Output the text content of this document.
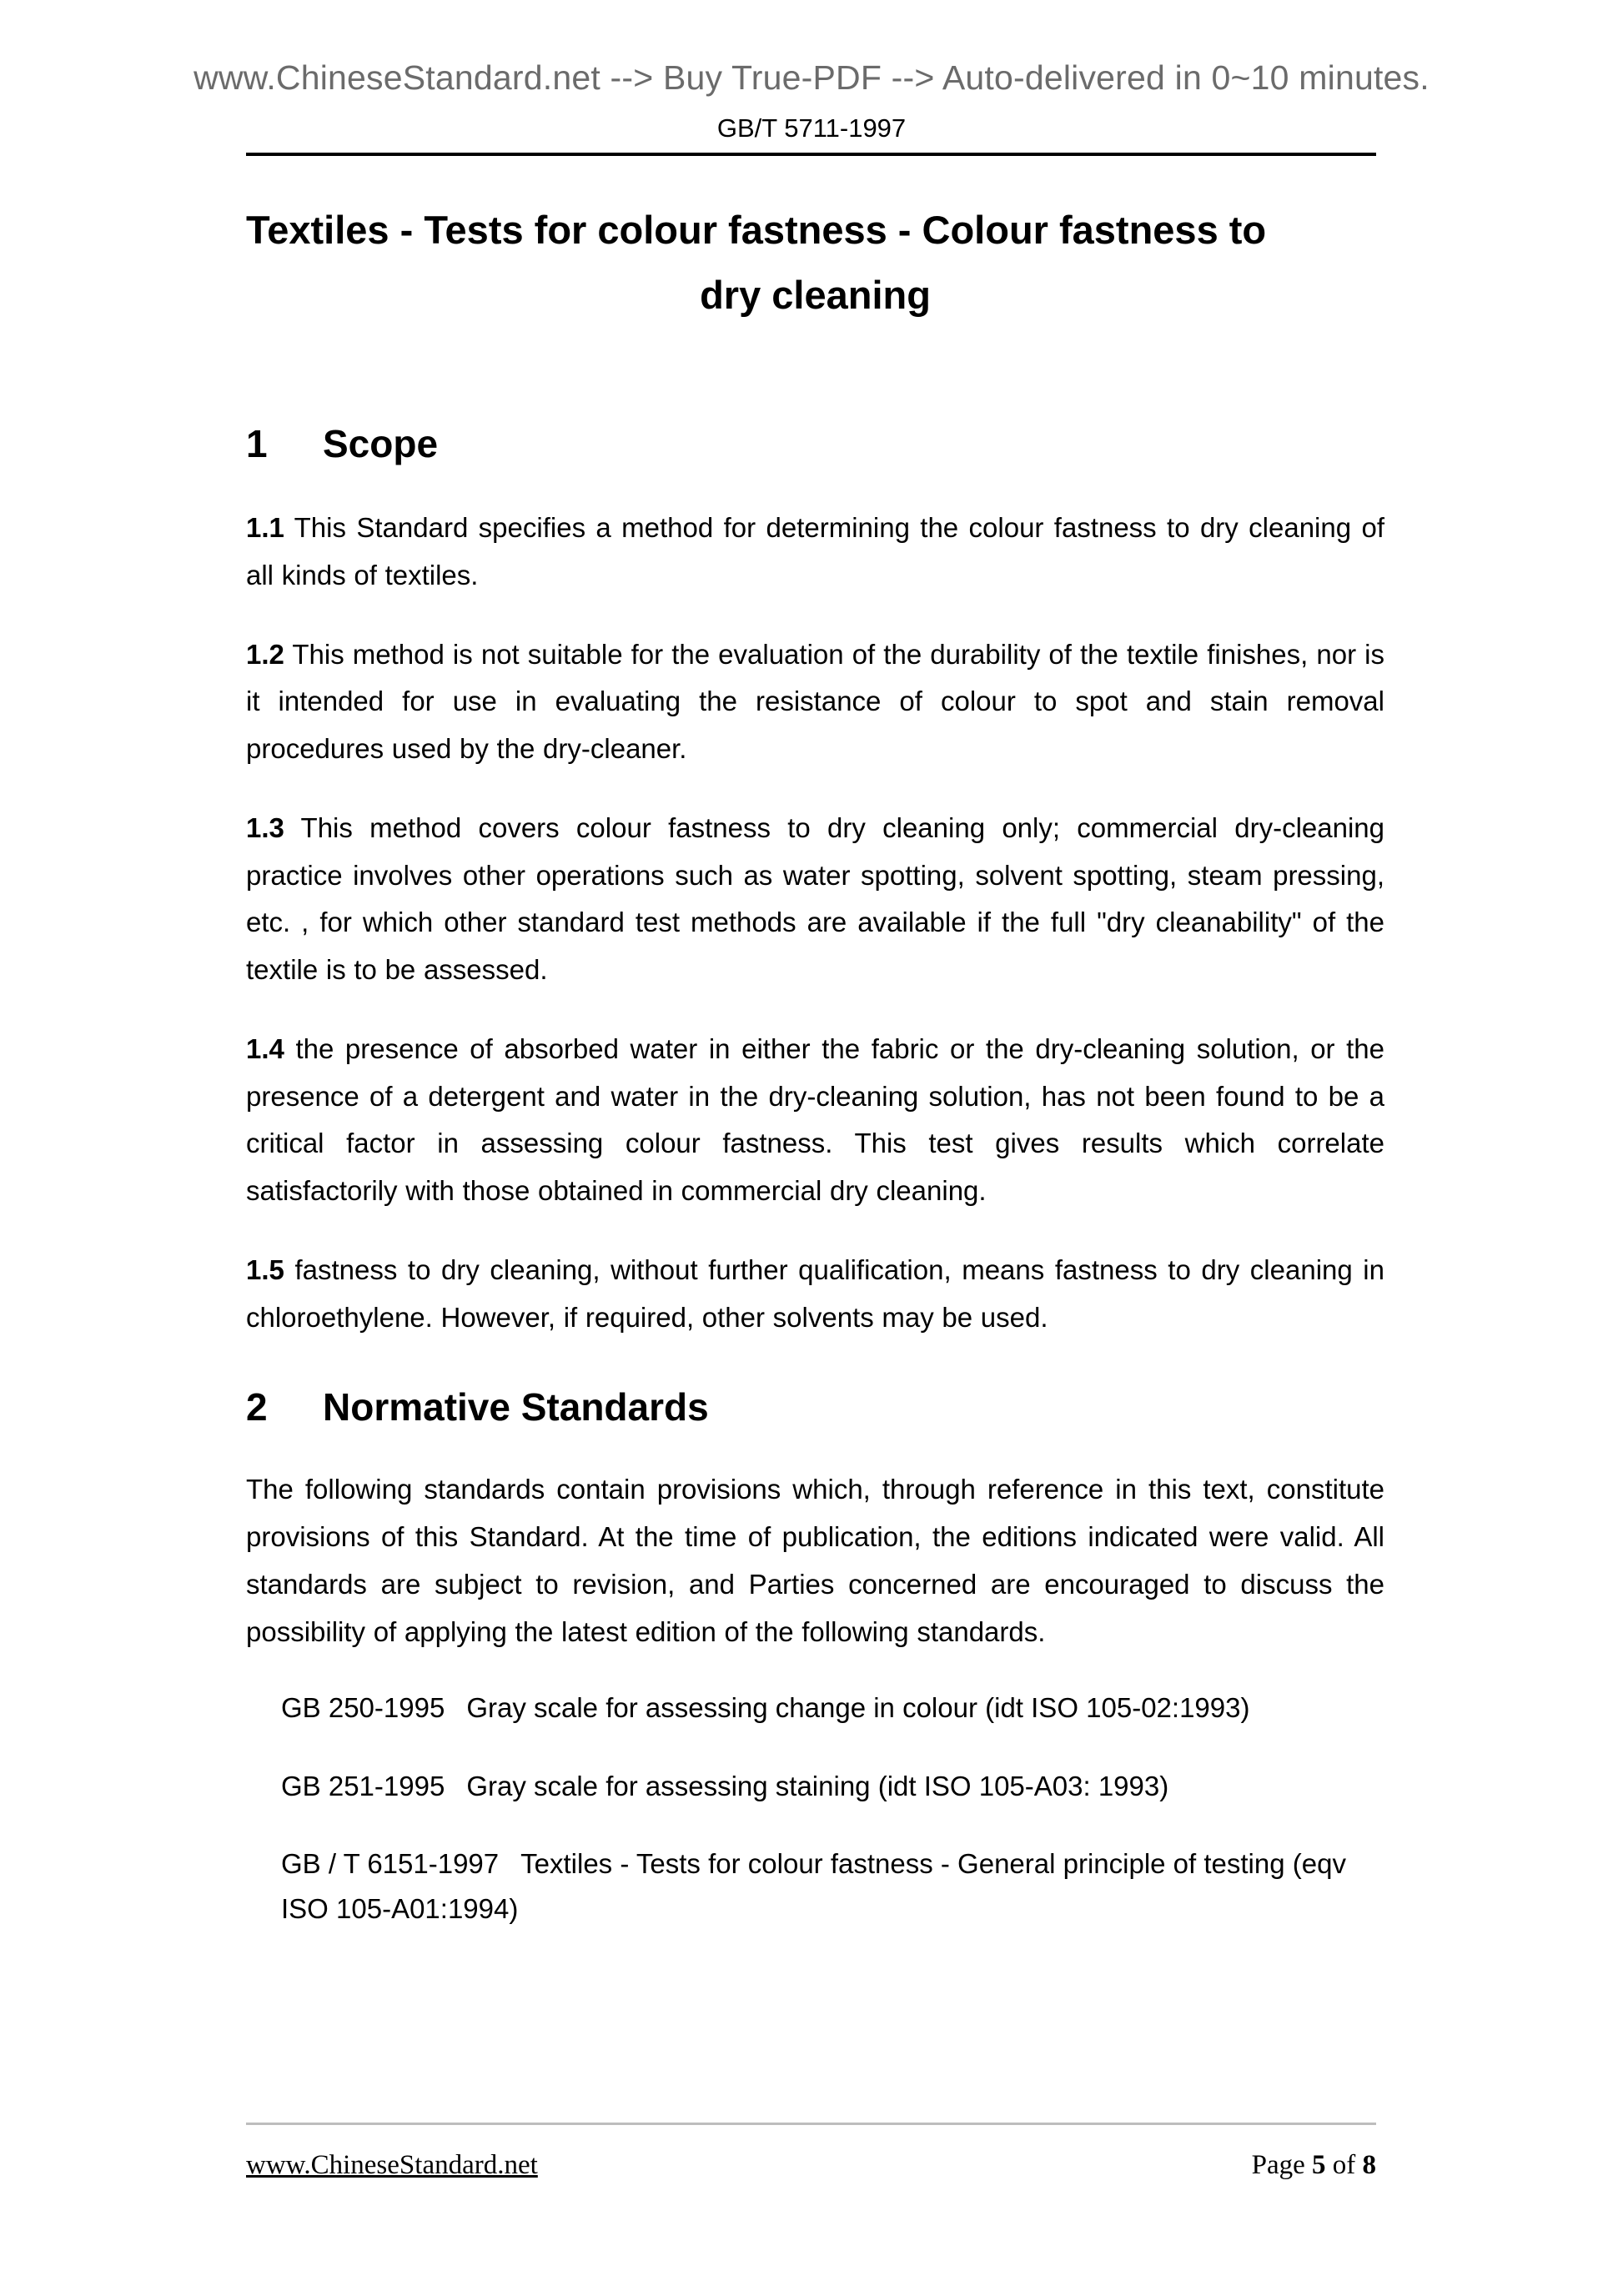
www.ChineseStandard.net --> Buy True-PDF --> Auto-delivered in 0~10 minutes.
GB/T 5711-1997
Textiles - Tests for colour fastness - Colour fastness to
dry cleaning
1 Scope

1.1 This Standard specifies a method for determining the colour fastness to dry cleaning of all kinds of textiles.

1.2 This method is not suitable for the evaluation of the durability of the textile finishes, nor is it intended for use in evaluating the resistance of colour to spot and stain removal procedures used by the dry-cleaner.

1.3 This method covers colour fastness to dry cleaning only; commercial dry-cleaning practice involves other operations such as water spotting, solvent spotting, steam pressing, etc. , for which other standard test methods are available if the full "dry cleanability" of the textile is to be assessed.

1.4 the presence of absorbed water in either the fabric or the dry-cleaning solution, or the presence of a detergent and water in the dry-cleaning solution, has not been found to be a critical factor in assessing colour fastness. This test gives results which correlate satisfactorily with those obtained in commercial dry cleaning.

1.5 fastness to dry cleaning, without further qualification, means fastness to dry cleaning in chloroethylene. However, if required, other solvents may be used.

2 Normative Standards

The following standards contain provisions which, through reference in this text, constitute provisions of this Standard. At the time of publication, the editions indicated were valid. All standards are subject to revision, and Parties concerned are encouraged to discuss the possibility of applying the latest edition of the following standards.

GB 250-1995 Gray scale for assessing change in colour (idt ISO 105-02:1993)

GB 251-1995 Gray scale for assessing staining (idt ISO 105-A03: 1993)

GB / T 6151-1997 Textiles - Tests for colour fastness - General principle of testing (eqv ISO 105-A01:1994)

www.ChineseStandard.net	Page 5 of 8
